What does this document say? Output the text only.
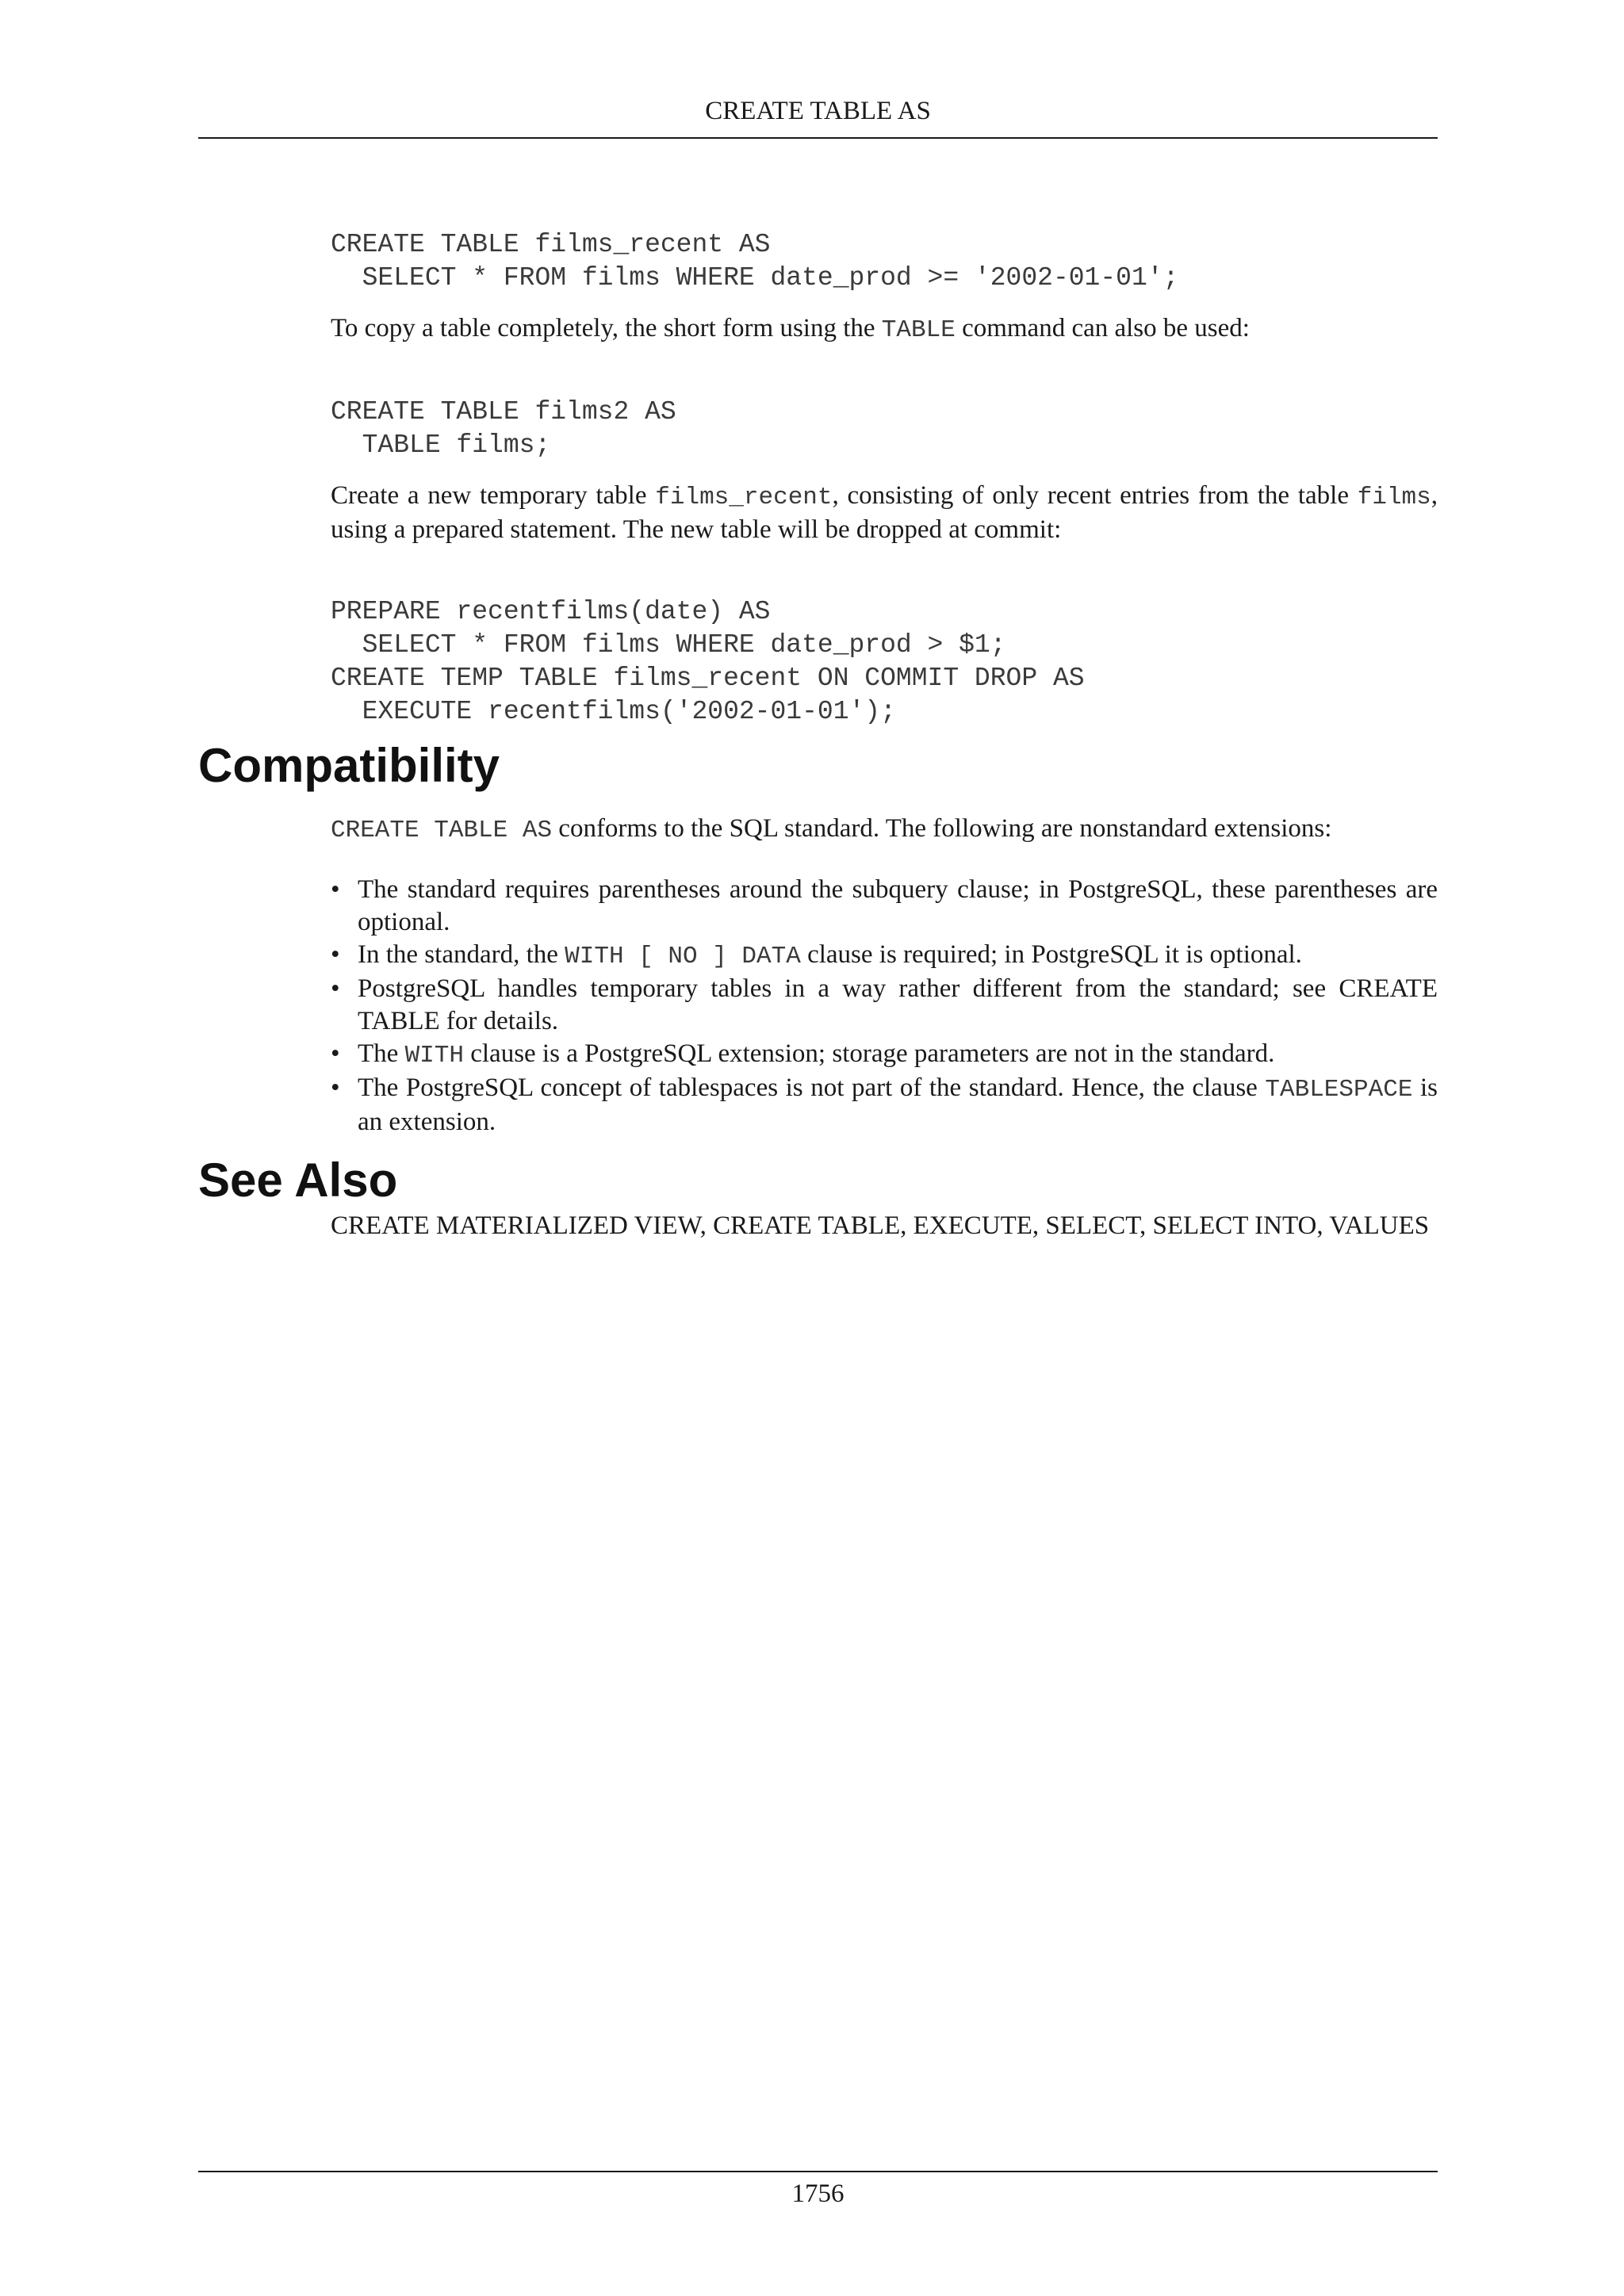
CREATE TABLE AS
CREATE TABLE films_recent AS
SELECT * FROM films WHERE date_prod >= '2002-01-01';

To copy a table completely, the short form using the TABLE command can also be used:

CREATE TABLE films2 AS
TABLE films;

Create a new temporary table films_recent, consisting of only recent entries from the table films, using a prepared statement. The new table will be dropped at commit:

PREPARE recentfilms(date) AS
SELECT * FROM films WHERE date_prod > $1;
CREATE TEMP TABLE films_recent ON COMMIT DROP AS
EXECUTE recentfilms('2002-01-01');
Compatibility

CREATE TABLE AS conforms to the SQL standard. The following are nonstandard extensions:

• The standard requires parentheses around the subquery clause; in PostgreSQL, these parentheses are optional.
• In the standard, the WITH [ NO ] DATA clause is required; in PostgreSQL it is optional.
• PostgreSQL handles temporary tables in a way rather different from the standard; see CREATE TABLE for details.
• The WITH clause is a PostgreSQL extension; storage parameters are not in the standard.
• The PostgreSQL concept of tablespaces is not part of the standard. Hence, the clause TABLESPACE is an extension.
See Also

CREATE MATERIALIZED VIEW, CREATE TABLE, EXECUTE, SELECT, SELECT INTO, VALUES

1756
